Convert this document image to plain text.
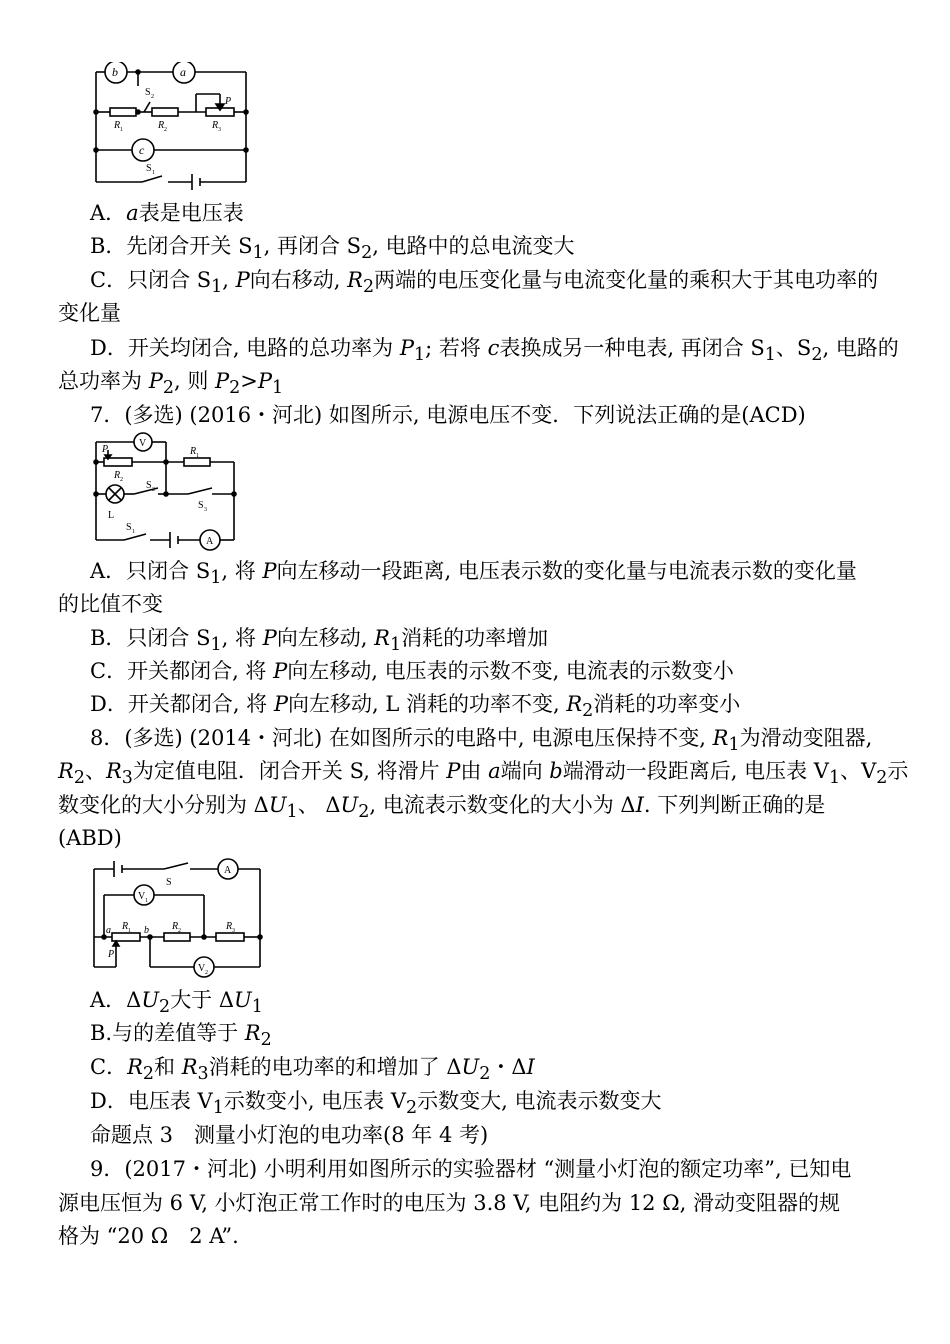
b	a
c
R 1	R 2	R 3
S 2
S 1
P
A．a表是电压表
B．先闭合开关 $S_1$, 再闭合 $S_2$, 电路中的总电流变大
C．只闭合 $S_1$, P向右移动, $R_2$两端的电压变化量与电流变化量的乘积大于其电功率的
变化量
D．开关均闭合, 电路的总功率为 $P_1$; 若将 c表换成另一种电表, 再闭合 $S_1$、$S_2$, 电路的
总功率为 $P_2$, 则 $P_2>P_1$
7．(多选) (2016・河北) 如图所示, 电源电压不变．下列说法正确的是(ACD)
V
A
P	R 1
R 2
L
S 2
S 3
S 1
A．只闭合 $S_1$, 将 P向左移动一段距离, 电压表示数的变化量与电流表示数的变化量
的比值不变
B．只闭合 $S_1$, 将 P向左移动, $R_1$消耗的功率增加
C．开关都闭合, 将 P向左移动, 电压表的示数不变, 电流表的示数变小
D．开关都闭合, 将 P向左移动, L 消耗的功率不变, $R_2$消耗的功率变小
8．(多选) (2014・河北) 在如图所示的电路中, 电源电压保持不变, $R_1$为滑动变阻器,
$R_2$、$R_3$为定值电阻．闭合开关 S, 将滑片 P由 a端向 b端滑动一段距离后, 电压表 $V_1$、$V_2$示
数变化的大小分别为 $\Delta U_1$、 $\Delta U_2$, 电流表示数变化的大小为 ΔI. 下列判断正确的是
(ABD)
S
A
V 1
V 2
R 1	R 2	R 3
a	b
P
A．$\Delta U_2$大于 $\Delta U_1$
B.与的差值等于 $R_2$
C．$R_2$和 $R_3$消耗的电功率的和增加了 $\Delta U_2$・ΔI
D．电压表 $V_1$示数变小, 电压表 $V_2$示数变大, 电流表示数变大
命题点 3　测量小灯泡的电功率(8 年 4 考)
9．(2017・河北) 小明利用如图所示的实验器材 “测量小灯泡的额定功率”, 已知电
源电压恒为 6 V, 小灯泡正常工作时的电压为 3.8 V, 电阻约为 12 Ω, 滑动变阻器的规
格为 “20 Ω　2 A”.
